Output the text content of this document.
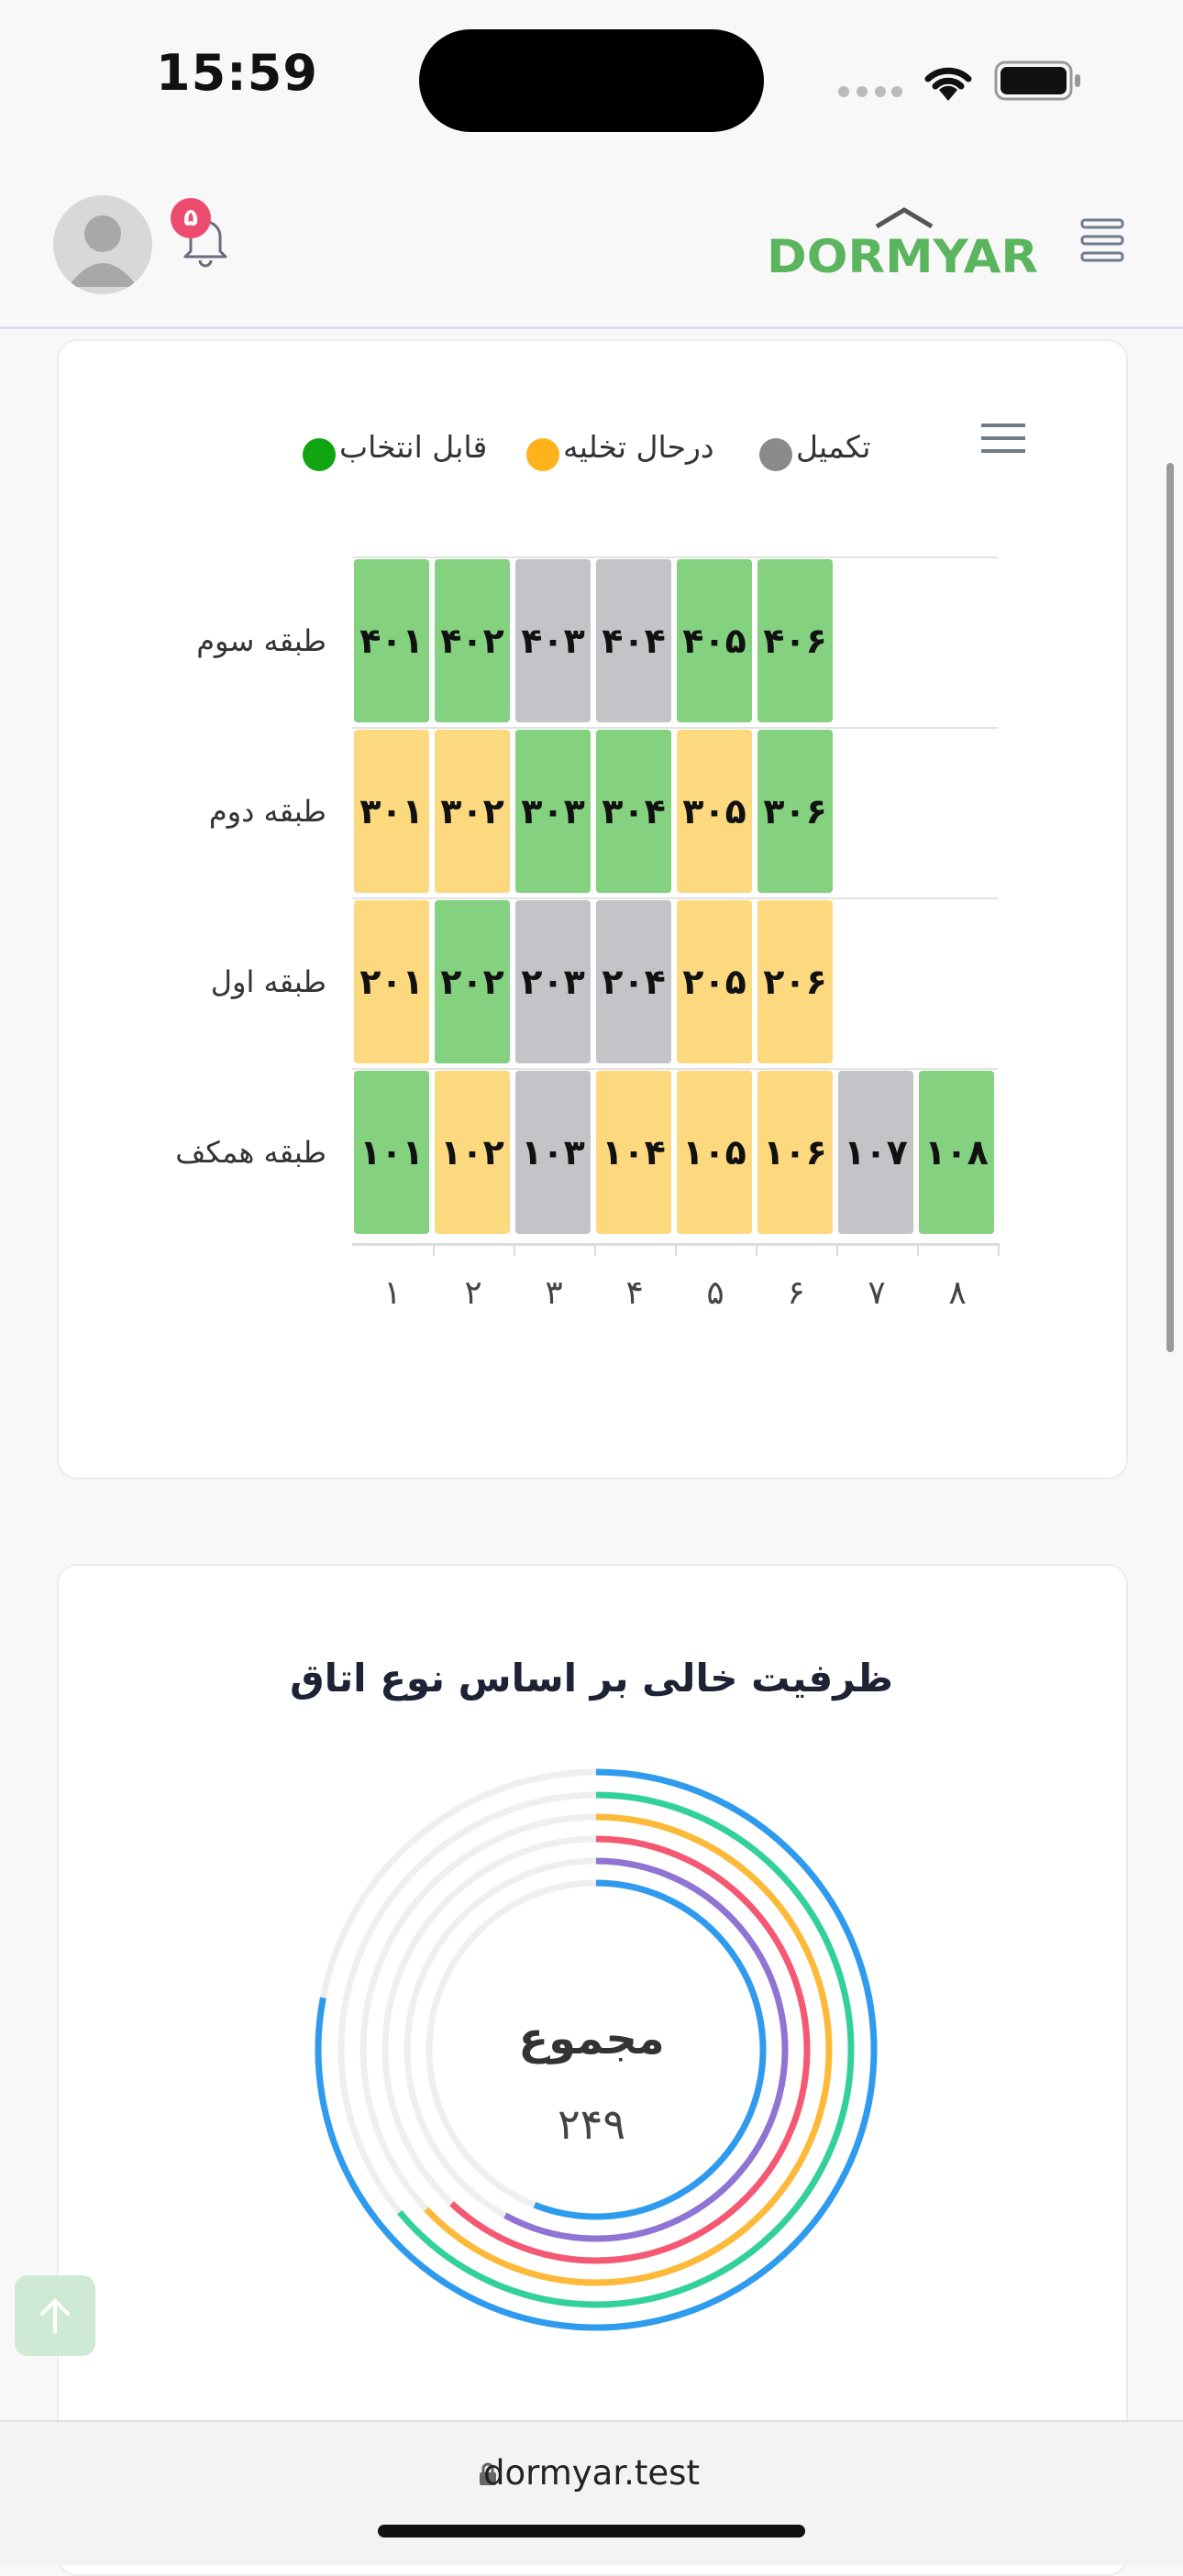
15:59
۵
DORMYAR
تکمیل
درحال تخلیه
قابل انتخاب
طبقه سوم ۴۰۱ ۴۰۲ ۴۰۳ ۴۰۴ ۴۰۵ ۴۰۶
طبقه دوم ۳۰۱ ۳۰۲ ۳۰۳ ۳۰۴ ۳۰۵ ۳۰۶
طبقه اول ۲۰۱ ۲۰۲ ۲۰۳ ۲۰۴ ۲۰۵ ۲۰۶
طبقه همکف ۱۰۱ ۱۰۲ ۱۰۳ ۱۰۴ ۱۰۵ ۱۰۶ ۱۰۷ ۱۰۸
۱	۲	۳	۴	۵	۶	۷	۸
ظرفیت خالی بر اساس نوع اتاق
مجموع
۲۴۹
dormyar.test
